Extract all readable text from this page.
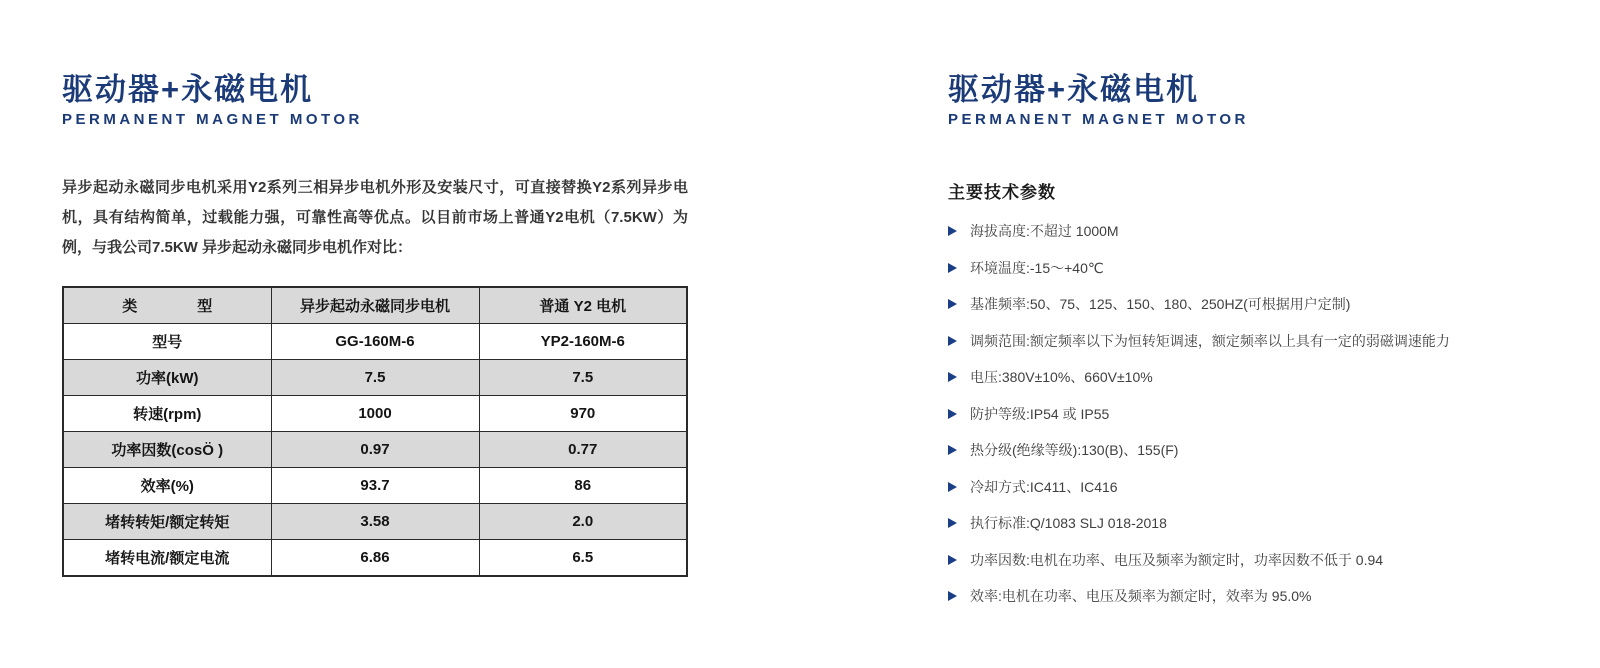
驱动器+永磁电机
PERMANENT MAGNET MOTOR

异步起动永磁同步电机采用Y2系列三相异步电机外形及安装尺寸，可直接替换Y2系列异步电机，具有结构简单，过载能力强，可靠性高等优点。以目前市场上普通Y2电机（7.5KW）为例，与我公司7.5KW 异步起动永磁同步电机作对比：

类　　　　型	异步起动永磁同步电机	普通 Y2 电机
型号	GG-160M-6	YP2-160M-6
功率(kW)	7.5	7.5
转速(rpm)	1000	970
功率因数(cosÖ )	0.97	0.77
效率(%)	93.7	86
堵转转矩/额定转矩	3.58	2.0
堵转电流/额定电流	6.86	6.5
驱动器+永磁电机
PERMANENT MAGNET MOTOR
主要技术参数
海拔高度:不超过 1000M
环境温度:-15～+40℃
基准频率:50、75、125、150、180、250HZ(可根据用户定制)
调频范围:额定频率以下为恒转矩调速，额定频率以上具有一定的弱磁调速能力
电压:380V±10%、660V±10%
防护等级:IP54 或 IP55
热分级(绝缘等级):130(B)、155(F)
冷却方式:IC411、IC416
执行标准:Q/1083 SLJ 018-2018
功率因数:电机在功率、电压及频率为额定时，功率因数不低于 0.94
效率:电机在功率、电压及频率为额定时，效率为 95.0%
